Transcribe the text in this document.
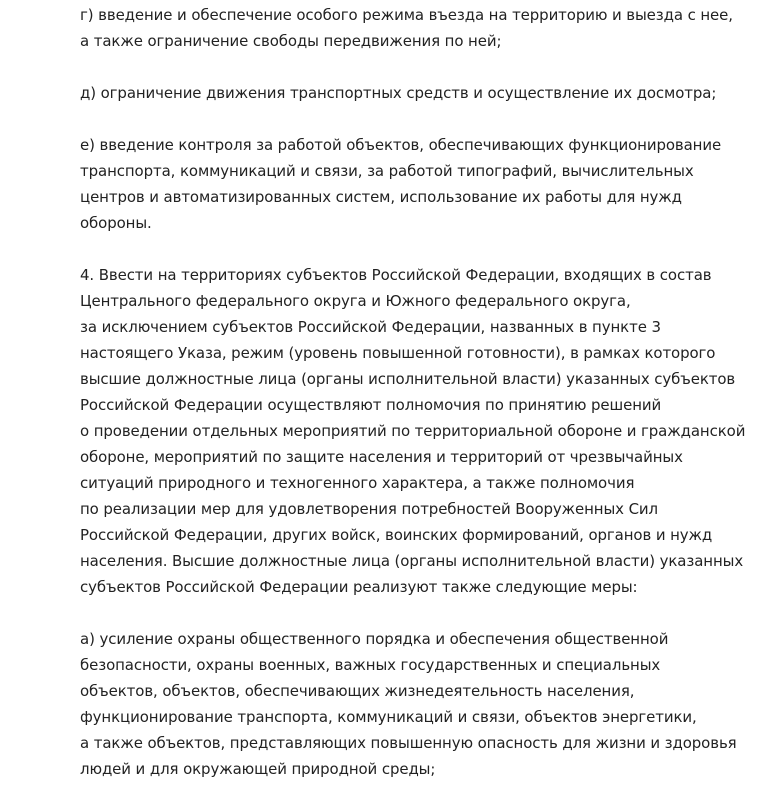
г) введение и обеспечение особого режима въезда на территорию и выезда с нее,
а также ограничение свободы передвижения по ней;

д) ограничение движения транспортных средств и осуществление их досмотра;

е) введение контроля за работой объектов, обеспечивающих функционирование
транспорта, коммуникаций и связи, за работой типографий, вычислительных
центров и автоматизированных систем, использование их работы для нужд
обороны.

4. Ввести на территориях субъектов Российской Федерации, входящих в состав
Центрального федерального округа и Южного федерального округа,
за исключением субъектов Российской Федерации, названных в пункте 3
настоящего Указа, режим (уровень повышенной готовности), в рамках которого
высшие должностные лица (органы исполнительной власти) указанных субъектов
Российской Федерации осуществляют полномочия по принятию решений
о проведении отдельных мероприятий по территориальной обороне и гражданской
обороне, мероприятий по защите населения и территорий от чрезвычайных
ситуаций природного и техногенного характера, а также полномочия
по реализации мер для удовлетворения потребностей Вооруженных Сил
Российской Федерации, других войск, воинских формирований, органов и нужд
населения. Высшие должностные лица (органы исполнительной власти) указанных
субъектов Российской Федерации реализуют также следующие меры:

а) усиление охраны общественного порядка и обеспечения общественной
безопасности, охраны военных, важных государственных и специальных
объектов, объектов, обеспечивающих жизнедеятельность населения,
функционирование транспорта, коммуникаций и связи, объектов энергетики,
а также объектов, представляющих повышенную опасность для жизни и здоровья
людей и для окружающей природной среды;
